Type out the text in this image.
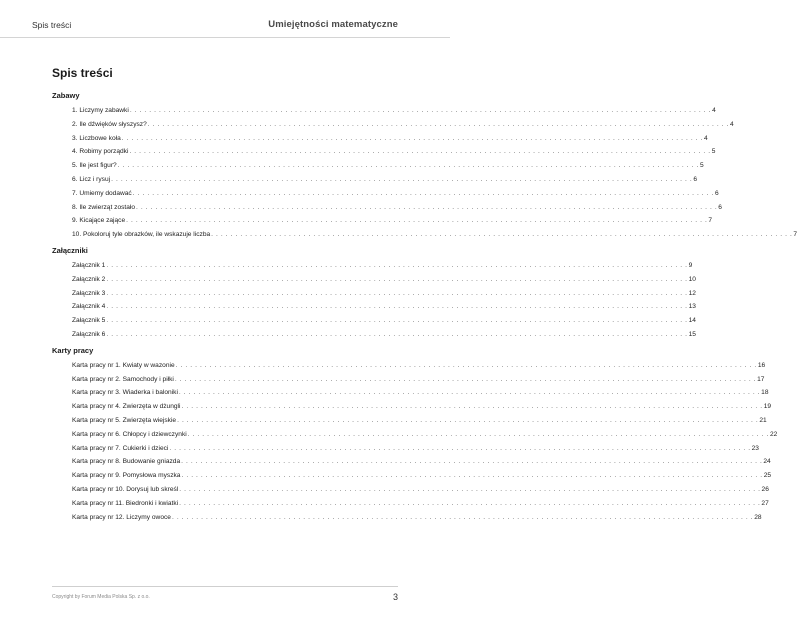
Spis treści	Umiejętności matematyczne
Spis treści
Zabawy
1. Liczymy zabawki . . . . . . . . . . . . . . . . . . . . . . . . . . . . . . . . . . . . . . . . . . . . . . . . . . . . . . . . . . . . . . . . . . . . . . . . . . . . . . . . . . . . . . . . . . . . . . . . . . . . . . . . . . . . . . . . . . . . . . . . 4
2. Ile dźwięków słyszysz? . . . . . . . . . . . . . . . . . . . . . . . . . . . . . . . . . . . . . . . . . . . . . . . . . . . . . . . . . . . . . . . . . . . . . . . . . . . . . . . . . . . . . . . . . . . . . . . . . . . . . . . . . . . . . . . . . . . . . . . . 4
3. Liczbowe koła . . . . . . . . . . . . . . . . . . . . . . . . . . . . . . . . . . . . . . . . . . . . . . . . . . . . . . . . . . . . . . . . . . . . . . . . . . . . . . . . . . . . . . . . . . . . . . . . . . . . . . . . . . . . . . . . . . . . . . . . 4
4. Robimy porządki . . . . . . . . . . . . . . . . . . . . . . . . . . . . . . . . . . . . . . . . . . . . . . . . . . . . . . . . . . . . . . . . . . . . . . . . . . . . . . . . . . . . . . . . . . . . . . . . . . . . . . . . . . . . . . . . . . . . . . . . 5
5. Ile jest figur? . . . . . . . . . . . . . . . . . . . . . . . . . . . . . . . . . . . . . . . . . . . . . . . . . . . . . . . . . . . . . . . . . . . . . . . . . . . . . . . . . . . . . . . . . . . . . . . . . . . . . . . . . . . . . . . . . . . . . . . . 5
6. Licz i rysuj . . . . . . . . . . . . . . . . . . . . . . . . . . . . . . . . . . . . . . . . . . . . . . . . . . . . . . . . . . . . . . . . . . . . . . . . . . . . . . . . . . . . . . . . . . . . . . . . . . . . . . . . . . . . . . . . . . . . . . . . 6
7. Umiemy dodawać . . . . . . . . . . . . . . . . . . . . . . . . . . . . . . . . . . . . . . . . . . . . . . . . . . . . . . . . . . . . . . . . . . . . . . . . . . . . . . . . . . . . . . . . . . . . . . . . . . . . . . . . . . . . . . . . . . . . . . . . 6
8. Ile zwierząt zostało . . . . . . . . . . . . . . . . . . . . . . . . . . . . . . . . . . . . . . . . . . . . . . . . . . . . . . . . . . . . . . . . . . . . . . . . . . . . . . . . . . . . . . . . . . . . . . . . . . . . . . . . . . . . . . . . . . . . . . . . 6
9. Kicające zające . . . . . . . . . . . . . . . . . . . . . . . . . . . . . . . . . . . . . . . . . . . . . . . . . . . . . . . . . . . . . . . . . . . . . . . . . . . . . . . . . . . . . . . . . . . . . . . . . . . . . . . . . . . . . . . . . . . . . . . . 7
10. Pokoloruj tyle obrazków, ile wskazuje liczba . . . . . . . . . . . . . . . . . . . . . . . . . . . . . . . . . . . . . . . . . . . . . . . . . . . . . . . . . . . . . . . . . . . . . . . . . . . . . . . . . . . . . . . . . . . . . . . . . . . . . . . . . . . . . . . . . . . . . . . . 7
Załączniki
Załącznik 1 . . . . . . . . . . . . . . . . . . . . . . . . . . . . . . . . . . . . . . . . . . . . . . . . . . . . . . . . . . . . . . . . . . . . . . . . . . . . . . . . . . . . . . . . . . . . . . . . . . . . . . . . . . . . . . . . . . . . . . . . 9
Załącznik 2 . . . . . . . . . . . . . . . . . . . . . . . . . . . . . . . . . . . . . . . . . . . . . . . . . . . . . . . . . . . . . . . . . . . . . . . . . . . . . . . . . . . . . . . . . . . . . . . . . . . . . . . . . . . . . . . . . . . . . . . . 10
Załącznik 3 . . . . . . . . . . . . . . . . . . . . . . . . . . . . . . . . . . . . . . . . . . . . . . . . . . . . . . . . . . . . . . . . . . . . . . . . . . . . . . . . . . . . . . . . . . . . . . . . . . . . . . . . . . . . . . . . . . . . . . . . 12
Załącznik 4 . . . . . . . . . . . . . . . . . . . . . . . . . . . . . . . . . . . . . . . . . . . . . . . . . . . . . . . . . . . . . . . . . . . . . . . . . . . . . . . . . . . . . . . . . . . . . . . . . . . . . . . . . . . . . . . . . . . . . . . . 13
Załącznik 5 . . . . . . . . . . . . . . . . . . . . . . . . . . . . . . . . . . . . . . . . . . . . . . . . . . . . . . . . . . . . . . . . . . . . . . . . . . . . . . . . . . . . . . . . . . . . . . . . . . . . . . . . . . . . . . . . . . . . . . . . 14
Załącznik 6 . . . . . . . . . . . . . . . . . . . . . . . . . . . . . . . . . . . . . . . . . . . . . . . . . . . . . . . . . . . . . . . . . . . . . . . . . . . . . . . . . . . . . . . . . . . . . . . . . . . . . . . . . . . . . . . . . . . . . . . . 15
Karty pracy
Karta pracy nr 1. Kwiaty w wazonie . . . . . . . . . . . . . . . . . . . . . . . . . . . . . . . . . . . . . . . . . . . . . . . . . . . . . . . . . . . . . . . . . . . . . . . . . . . . . . . . . . . . . . . . . . . . . . . . . . . . . . . . . . . . . . . . . . . . . . . . 16
Karta pracy nr 2. Samochody i piłki . . . . . . . . . . . . . . . . . . . . . . . . . . . . . . . . . . . . . . . . . . . . . . . . . . . . . . . . . . . . . . . . . . . . . . . . . . . . . . . . . . . . . . . . . . . . . . . . . . . . . . . . . . . . . . . . . . . . . . . . 17
Karta pracy nr 3. Wiaderka i baloniki . . . . . . . . . . . . . . . . . . . . . . . . . . . . . . . . . . . . . . . . . . . . . . . . . . . . . . . . . . . . . . . . . . . . . . . . . . . . . . . . . . . . . . . . . . . . . . . . . . . . . . . . . . . . . . . . . . . . . . . . 18
Karta pracy nr 4. Zwierzęta w dżungli . . . . . . . . . . . . . . . . . . . . . . . . . . . . . . . . . . . . . . . . . . . . . . . . . . . . . . . . . . . . . . . . . . . . . . . . . . . . . . . . . . . . . . . . . . . . . . . . . . . . . . . . . . . . . . . . . . . . . . . . 19
Karta pracy nr 5. Zwierzęta wiejskie . . . . . . . . . . . . . . . . . . . . . . . . . . . . . . . . . . . . . . . . . . . . . . . . . . . . . . . . . . . . . . . . . . . . . . . . . . . . . . . . . . . . . . . . . . . . . . . . . . . . . . . . . . . . . . . . . . . . . . . . 21
Karta pracy nr 6. Chłopcy i dziewczynki . . . . . . . . . . . . . . . . . . . . . . . . . . . . . . . . . . . . . . . . . . . . . . . . . . . . . . . . . . . . . . . . . . . . . . . . . . . . . . . . . . . . . . . . . . . . . . . . . . . . . . . . . . . . . . . . . . . . . . . . 22
Karta pracy nr 7. Cukierki i dzieci . . . . . . . . . . . . . . . . . . . . . . . . . . . . . . . . . . . . . . . . . . . . . . . . . . . . . . . . . . . . . . . . . . . . . . . . . . . . . . . . . . . . . . . . . . . . . . . . . . . . . . . . . . . . . . . . . . . . . . . . 23
Karta pracy nr 8. Budowanie gniazda . . . . . . . . . . . . . . . . . . . . . . . . . . . . . . . . . . . . . . . . . . . . . . . . . . . . . . . . . . . . . . . . . . . . . . . . . . . . . . . . . . . . . . . . . . . . . . . . . . . . . . . . . . . . . . . . . . . . . . . . 24
Karta pracy nr 9. Pomysłowa myszka . . . . . . . . . . . . . . . . . . . . . . . . . . . . . . . . . . . . . . . . . . . . . . . . . . . . . . . . . . . . . . . . . . . . . . . . . . . . . . . . . . . . . . . . . . . . . . . . . . . . . . . . . . . . . . . . . . . . . . . . 25
Karta pracy nr 10. Dorysuj lub skreśl . . . . . . . . . . . . . . . . . . . . . . . . . . . . . . . . . . . . . . . . . . . . . . . . . . . . . . . . . . . . . . . . . . . . . . . . . . . . . . . . . . . . . . . . . . . . . . . . . . . . . . . . . . . . . . . . . . . . . . . . 26
Karta pracy nr 11. Biedronki i kwiatki . . . . . . . . . . . . . . . . . . . . . . . . . . . . . . . . . . . . . . . . . . . . . . . . . . . . . . . . . . . . . . . . . . . . . . . . . . . . . . . . . . . . . . . . . . . . . . . . . . . . . . . . . . . . . . . . . . . . . . . . 27
Karta pracy nr 12. Liczymy owoce . . . . . . . . . . . . . . . . . . . . . . . . . . . . . . . . . . . . . . . . . . . . . . . . . . . . . . . . . . . . . . . . . . . . . . . . . . . . . . . . . . . . . . . . . . . . . . . . . . . . . . . . . . . . . . . . . . . . . . . . 28
Copyright by Forum Media Polska Sp. z o.o.	3
